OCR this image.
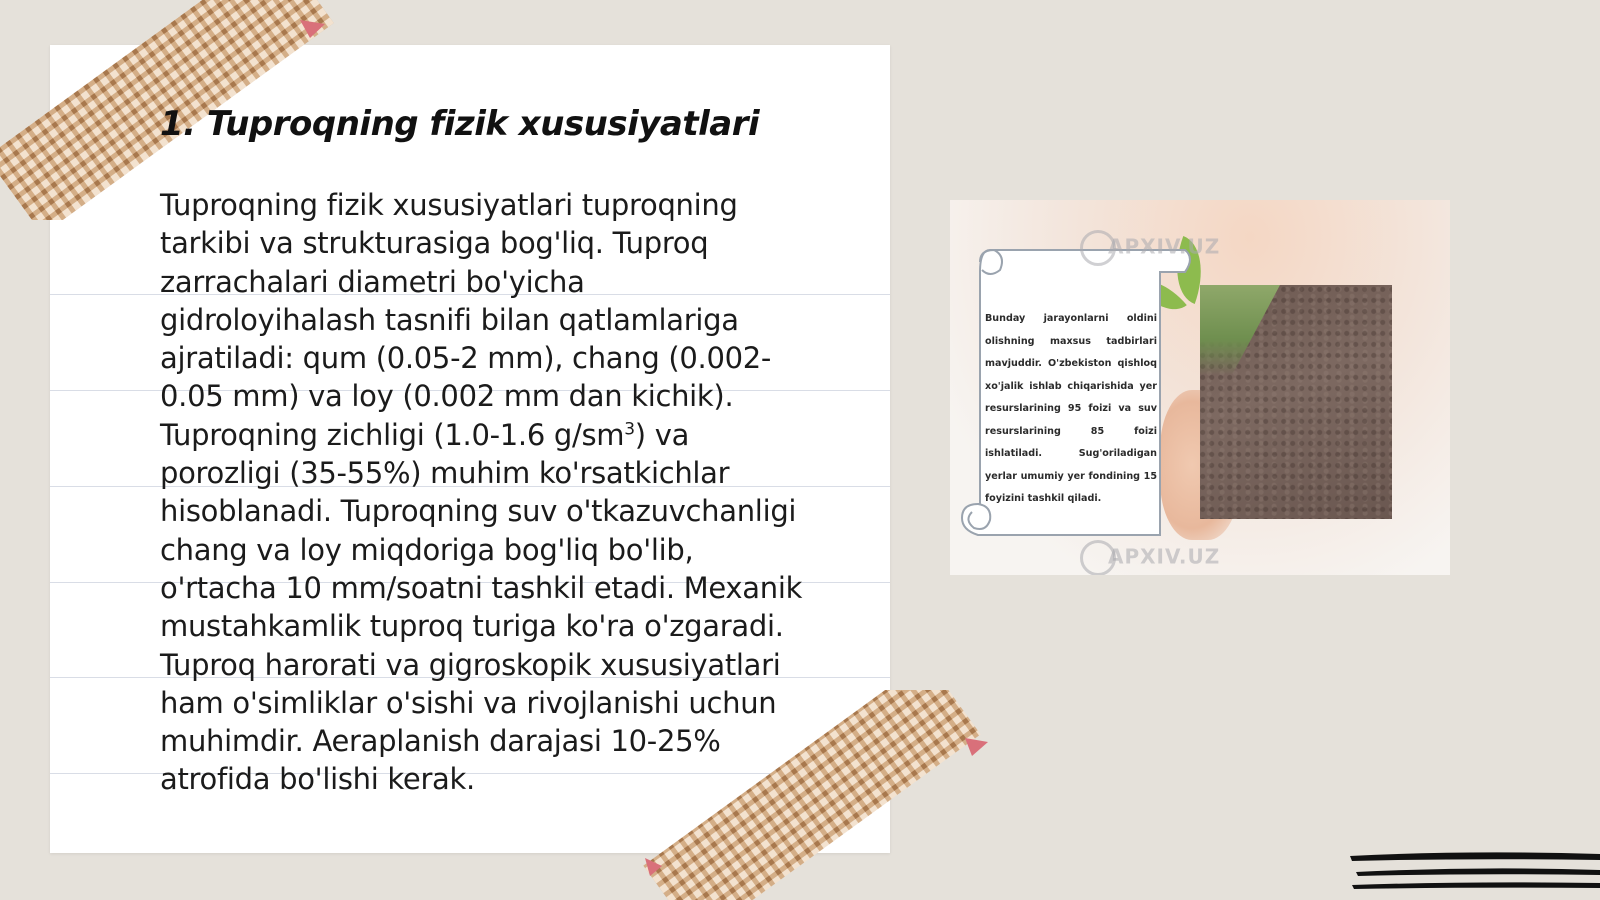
1. Tuproqning fizik xususiyatlari

Tuproqning fizik xususiyatlari tuproqning
tarkibi va strukturasiga bog'liq. Tuproq
zarrachalari diametri bo'yicha
gidroloyihalash tasnifi bilan qatlamlariga
ajratiladi: qum (0.05-2 mm), chang (0.002-
0.05 mm) va loy (0.002 mm dan kichik).
Tuproqning zichligi (1.0-1.6 $g/sm^3$) va
porozligi (35-55%) muhim ko'rsatkichlar
hisoblanadi. Tuproqning suv o'tkazuvchanligi
chang va loy miqdoriga bog'liq bo'lib,
o'rtacha 10 mm/soatni tashkil etadi. Mexanik
mustahkamlik tuproq turiga ko'ra o'zgaradi.
Tuproq harorati va gigroskopik xususiyatlari
ham o'simliklar o'sishi va rivojlanishi uchun
muhimdir. Aeraplanish darajasi 10-25%
atrofida bo'lishi kerak.

Bunday jarayonlarni oldini olishning maxsus tadbirlari mavjuddir. O'zbekiston qishloq xo'jalik ishlab chiqarishida yer resurslarining 95 foizi va suv resurslarining 85 foizi ishlatiladi. Sug'oriladigan yerlar umumiy yer fondining 15 foyizini tashkil qiladi.

APXIV.UZ
APXIV.UZ
